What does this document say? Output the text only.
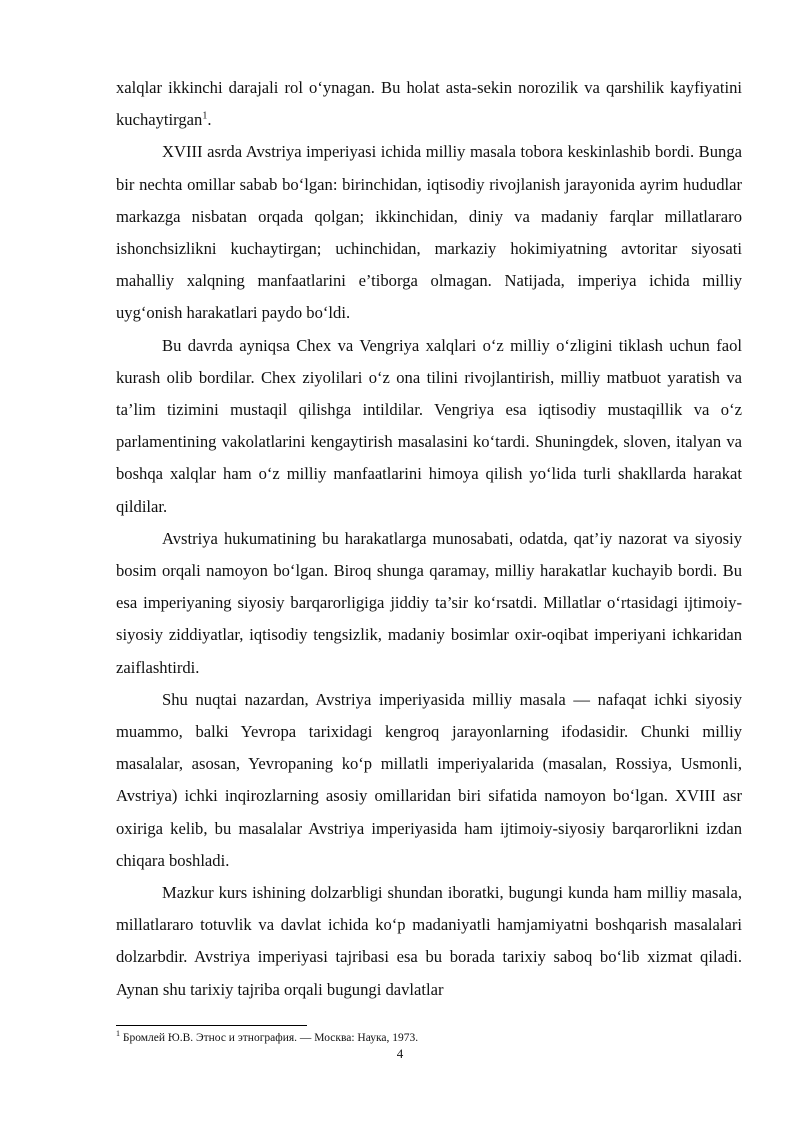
xalqlar ikkinchi darajali rol o‘ynagan. Bu holat asta-sekin norozilik va qarshilik kayfiyatini kuchaytirgan$^1$.

XVIII asrda Avstriya imperiyasi ichida milliy masala tobora keskinlashib bordi. Bunga bir nechta omillar sabab bo‘lgan: birinchidan, iqtisodiy rivojlanish jarayonida ayrim hududlar markazga nisbatan orqada qolgan; ikkinchidan, diniy va madaniy farqlar millatlararo ishonchsizlikni kuchaytirgan; uchinchidan, markaziy hokimiyatning avtoritar siyosati mahalliy xalqning manfaatlarini e’tiborga olmagan. Natijada, imperiya ichida milliy uyg‘onish harakatlari paydo bo‘ldi.

Bu davrda ayniqsa Chex va Vengriya xalqlari o‘z milliy o‘zligini tiklash uchun faol kurash olib bordilar. Chex ziyolilari o‘z ona tilini rivojlantirish, milliy matbuot yaratish va ta’lim tizimini mustaqil qilishga intildilar. Vengriya esa iqtisodiy mustaqillik va o‘z parlamentining vakolatlarini kengaytirish masalasini ko‘tardi. Shuningdek, sloven, italyan va boshqa xalqlar ham o‘z milliy manfaatlarini himoya qilish yo‘lida turli shakllarda harakat qildilar.

Avstriya hukumatining bu harakatlarga munosabati, odatda, qat’iy nazorat va siyosiy bosim orqali namoyon bo‘lgan. Biroq shunga qaramay, milliy harakatlar kuchayib bordi. Bu esa imperiyaning siyosiy barqarorligiga jiddiy ta’sir ko‘rsatdi. Millatlar o‘rtasidagi ijtimoiy-siyosiy ziddiyatlar, iqtisodiy tengsizlik, madaniy bosimlar oxir-oqibat imperiyani ichkaridan zaiflashtirdi.

Shu nuqtai nazardan, Avstriya imperiyasida milliy masala — nafaqat ichki siyosiy muammo, balki Yevropa tarixidagi kengroq jarayonlarning ifodasidir. Chunki milliy masalalar, asosan, Yevropaning ko‘p millatli imperiyalarida (masalan, Rossiya, Usmonli, Avstriya) ichki inqirozlarning asosiy omillaridan biri sifatida namoyon bo‘lgan. XVIII asr oxiriga kelib, bu masalalar Avstriya imperiyasida ham ijtimoiy-siyosiy barqarorlikni izdan chiqara boshladi.

Mazkur kurs ishining dolzarbligi shundan iboratki, bugungi kunda ham milliy masala, millatlararo totuvlik va davlat ichida ko‘p madaniyatli hamjamiyatni boshqarish masalalari dolzarbdir. Avstriya imperiyasi tajribasi esa bu borada tarixiy saboq bo‘lib xizmat qiladi. Aynan shu tarixiy tajriba orqali bugungi davlatlar

$^1$ Бромлей Ю.В. Этнос и этнография. — Москва: Наука, 1973.
4
